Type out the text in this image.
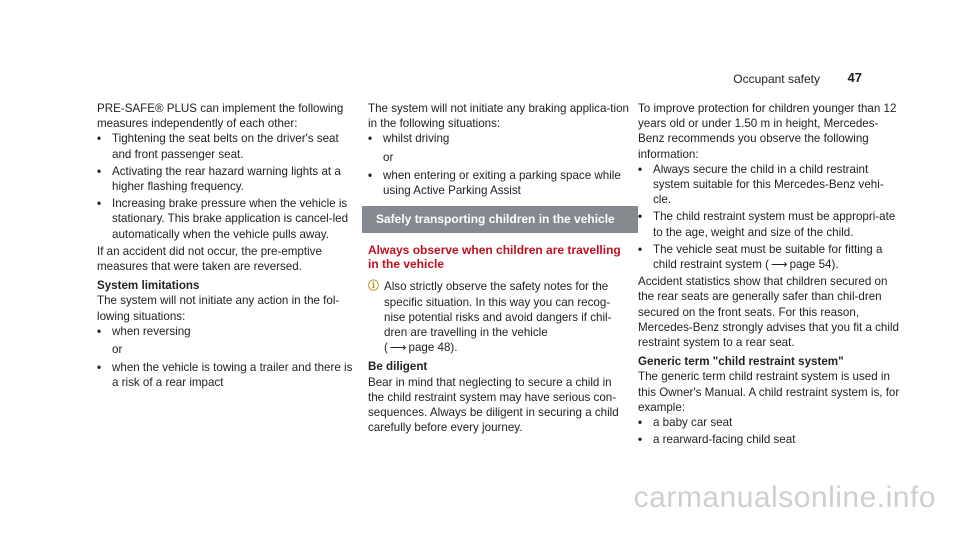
Occupant safety 47

PRE-SAFE® PLUS can implement the following measures independently of each other:

• Tightening the seat belts on the driver's seat and front passenger seat.
• Activating the rear hazard warning lights at a higher flashing frequency.
• Increasing brake pressure when the vehicle is stationary. This brake application is cancel‐led automatically when the vehicle pulls away.

If an accident did not occur, the pre-emptive measures that were taken are reversed.

System limitations

The system will not initiate any action in the fol‐lowing situations:

• when reversing

or

• when the vehicle is towing a trailer and there is a risk of a rear impact

The system will not initiate any braking applica‐tion in the following situations:

• whilst driving

or

• when entering or exiting a parking space while using Active Parking Assist
Safely transporting children in the vehicle
Always observe when children are travelling in the vehicle
ⓘ Also strictly observe the safety notes for the specific situation. In this way you can recog‐nise potential risks and avoid dangers if chil‐dren are travelling in the vehicle
( ⟶ page 48).

Be diligent

Bear in mind that neglecting to secure a child in the child restraint system may have serious con‐sequences. Always be diligent in securing a child carefully before every journey.

To improve protection for children younger than 12 years old or under 1.50 m in height, Mercedes-Benz recommends you observe the following information:

• Always secure the child in a child restraint system suitable for this Mercedes-Benz vehi‐cle.
• The child restraint system must be appropri‐ate to the age, weight and size of the child.
• The vehicle seat must be suitable for fitting a child restraint system ( ⟶ page 54).

Accident statistics show that children secured on the rear seats are generally safer than chil‐dren secured on the front seats. For this reason, Mercedes-Benz strongly advises that you fit a child restraint system to a rear seat.

Generic term "child restraint system"

The generic term child restraint system is used in this Owner's Manual. A child restraint system is, for example:

• a baby car seat
• a rearward-facing child seat
carmanualsonline.info
